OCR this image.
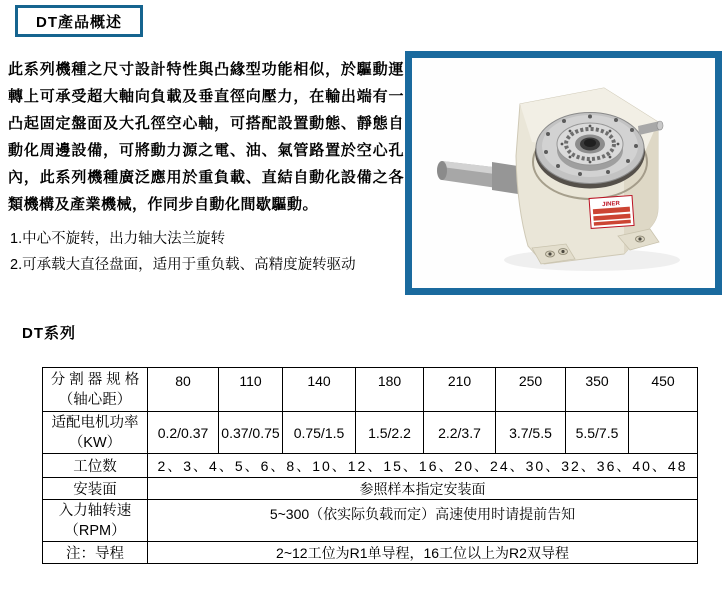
DT產品概述
此系列機種之尺寸設計特性與凸緣型功能相似，於驅動運轉上可承受超大軸向負載及垂直徑向壓力，在輸出端有一凸起固定盤面及大孔徑空心軸，可搭配設置動態、靜態自動化周邊設備，可將動力源之電、油、氣管路置於空心孔內，此系列機種廣泛應用於重負載、直結自動化設備之各類機構及產業機械，作同步自動化間歇驅動。
1.中心不旋转，出力轴大法兰旋转
2.可承载大直径盘面，适用于重负载、高精度旋转驱动
JINER
DT系列
分 割 器 规 格
（轴心距）	80	110	140	180	210	250	350	450

适配电机功率
（KW）	0.2/0.37	0.37/0.75	0.75/1.5	1.5/2.2	2.2/3.7	3.7/5.5	5.5/7.5	
工位数	2、3、4、5、6、8、10、12、15、16、20、24、30、32、36、40、48							
安装面	参照样本指定安装面							

入力轴转速
（RPM）	5~300（依实际负载而定）高速使用时请提前告知							
注：导程	2~12工位为R1单导程，16工位以上为R2双导程							
